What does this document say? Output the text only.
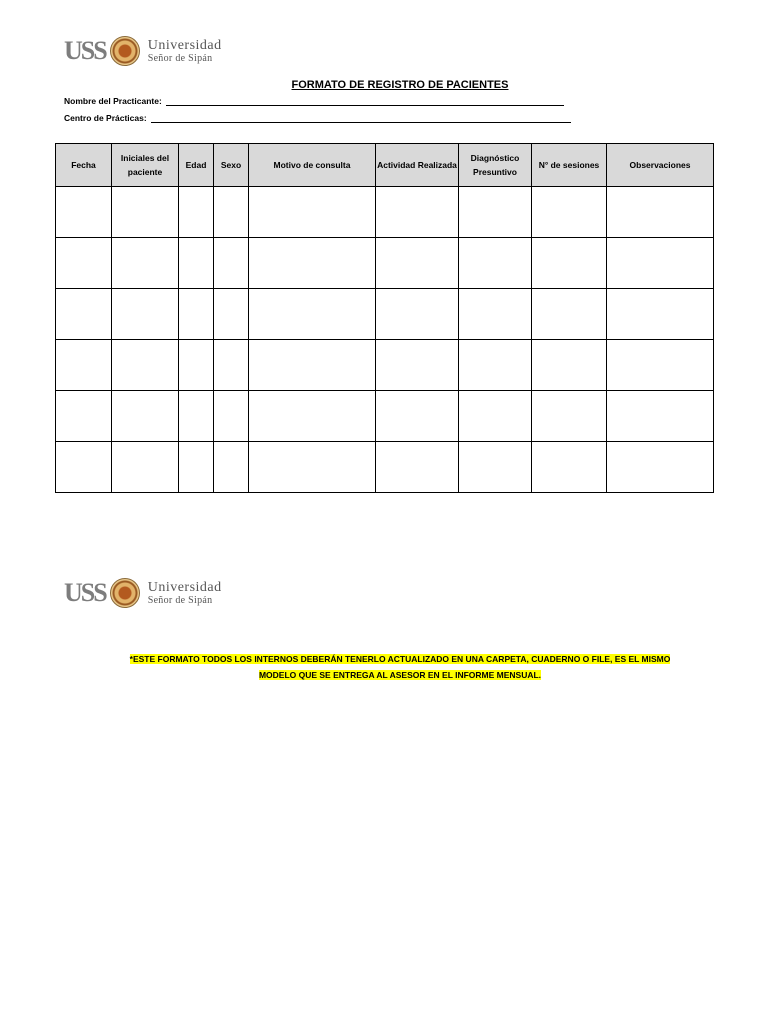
USS	Universidad
Señor de Sipán
FORMATO DE REGISTRO DE PACIENTES
Nombre del Practicante:
Centro de Prácticas:
Fecha	Iniciales del paciente	Edad	Sexo	Motivo de consulta	Actividad Realizada	Diagnóstico Presuntivo	N° de sesiones	Observaciones

USS	Universidad
Señor de Sipán
*ESTE FORMATO TODOS LOS INTERNOS DEBERÁN TENERLO ACTUALIZADO EN UNA CARPETA, CUADERNO O FILE, ES EL MISMO
MODELO QUE SE ENTREGA AL ASESOR EN EL INFORME MENSUAL.
